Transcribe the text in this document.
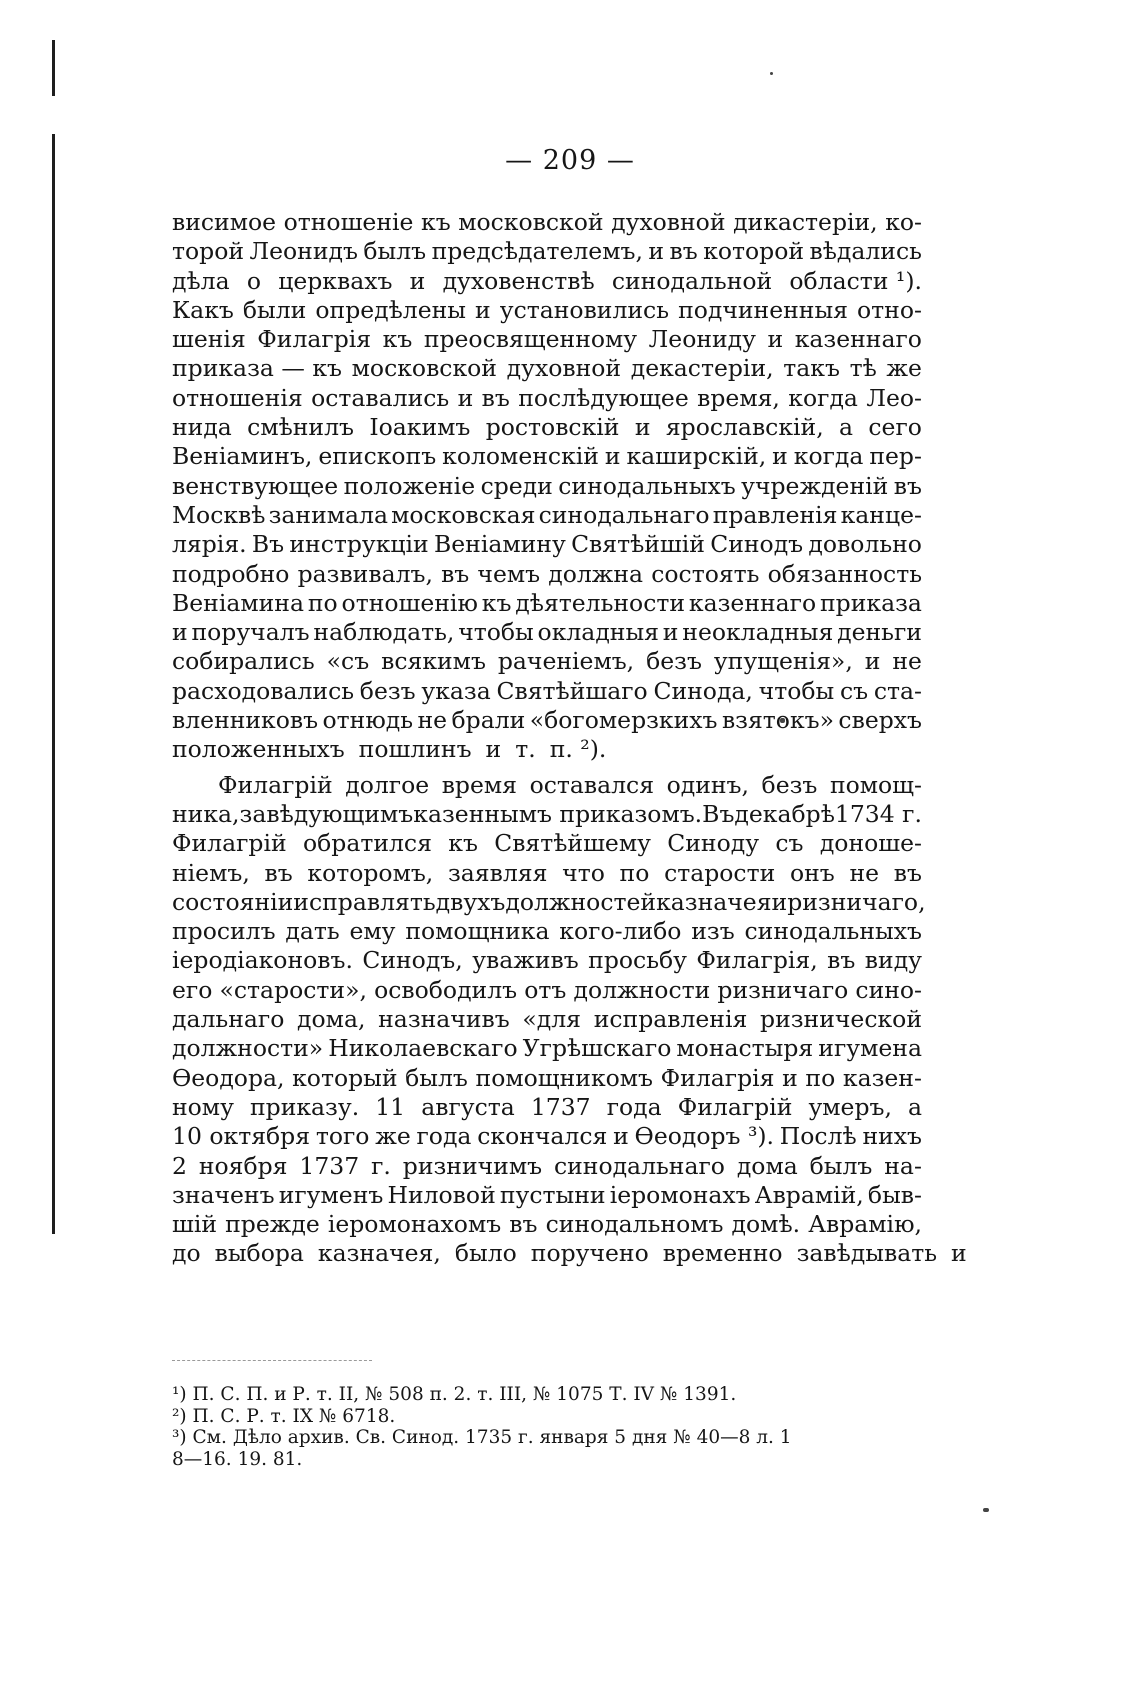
— 209 —
висимое отношеніе къ московской духовной дикастеріи, ко-
торой Леонидъ былъ предсѣдателемъ, и въ которой вѣдались
дѣла о церквахъ и духовенствѣ синодальной области ¹).
Какъ были опредѣлены и установились подчиненныя отно-
шенія Филагрія къ преосвященному Леониду и казеннаго
приказа — къ московской духовной декастеріи, такъ тѣ же
отношенія оставались и въ послѣдующее время, когда Лео-
нида смѣнилъ Іоакимъ ростовскій и ярославскій, а сего
Веніаминъ, епископъ коломенскій и каширскій, и когда пер-
венствующее положеніе среди синодальныхъ учрежденій въ
Москвѣ занимала московская синодальнаго правленія канце-
лярія. Въ инструкціи Веніамину Святѣйшій Синодъ довольно
подробно развивалъ, въ чемъ должна состоять обязанность
Веніамина по отношенію къ дѣятельности казеннаго приказа
и поручалъ наблюдать, чтобы окладныя и неокладныя деньги
собирались «съ всякимъ раченіемъ, безъ упущенія», и не
расходовались безъ указа Святѣйшаго Синода, чтобы съ ста-
вленниковъ отнюдь не брали «богомерзкихъ взятокъ» сверхъ
положенныхъ пошлинъ и т. п. ²).
Филагрій долгое время оставался одинъ, безъ помощ-
ника, завѣдующимъ казеннымъ приказомъ. Въ декабрѣ 1734 г.
Филагрій обратился къ Святѣйшему Синоду съ доноше-
ніемъ, въ которомъ, заявляя что по старости онъ не въ
состояніи исправлять двухъ должностей казначея и ризничаго,
просилъ дать ему помощника кого-либо изъ синодальныхъ
іеродіаконовъ. Синодъ, уваживъ просьбу Филагрія, въ виду
его «старости», освободилъ отъ должности ризничаго сино-
дальнаго дома, назначивъ «для исправленія ризнической
должности» Николаевскаго Угрѣшскаго монастыря игумена
Ѳеодора, который былъ помощникомъ Филагрія и по казен-
ному приказу. 11 августа 1737 года Филагрій умеръ, а
10 октября того же года скончался и Ѳеодоръ ³). Послѣ нихъ
2 ноября 1737 г. ризничимъ синодальнаго дома былъ на-
значенъ игуменъ Ниловой пустыни іеромонахъ Аврамій, быв-
шій прежде іеромонахомъ въ синодальномъ домѣ. Аврамію,
до выбора казначея, было поручено временно завѣдывать и
¹) П. С. П. и Р. т. II, № 508 п. 2. т. III, № 1075 Т. IV № 1391.
²) П. С. Р. т. IX № 6718.
³) См. Дѣло архив. Св. Синод. 1735 г. января 5 дня № 40—8 л. 1
8—16. 19. 81.
